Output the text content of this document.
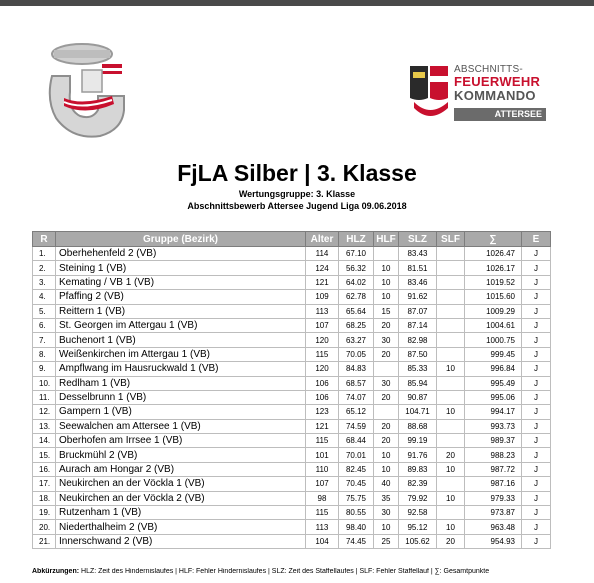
ABSCHNITTS-
FEUERWEHR
KOMMANDO
ATTERSEE
FjLA Silber | 3. Klasse
Wertungsgruppe: 3. Klasse
Abschnittsbewerb Attersee Jugend Liga 09.06.2018
R	Gruppe (Bezirk)	Alter	HLZ	HLF	SLZ	SLF	∑	E
1.	Oberhehenfeld 2 (VB)	114	67.10		83.43		1026.47	J
2.	Steining 1 (VB)	124	56.32	10	81.51		1026.17	J
3.	Kemating / VB 1 (VB)	121	64.02	10	83.46		1019.52	J
4.	Pfaffing 2 (VB)	109	62.78	10	91.62		1015.60	J
5.	Reittern 1 (VB)	113	65.64	15	87.07		1009.29	J
6.	St. Georgen im Attergau 1 (VB)	107	68.25	20	87.14		1004.61	J
7.	Buchenort 1 (VB)	120	63.27	30	82.98		1000.75	J
8.	Weißenkirchen im Attergau 1 (VB)	115	70.05	20	87.50		999.45	J
9.	Ampflwang im Hausruckwald 1 (VB)	120	84.83		85.33	10	996.84	J
10.	Redlham 1 (VB)	106	68.57	30	85.94		995.49	J
11.	Desselbrunn 1 (VB)	106	74.07	20	90.87		995.06	J
12.	Gampern 1 (VB)	123	65.12		104.71	10	994.17	J
13.	Seewalchen am Attersee 1 (VB)	121	74.59	20	88.68		993.73	J
14.	Oberhofen am Irrsee 1 (VB)	115	68.44	20	99.19		989.37	J
15.	Bruckmühl 2 (VB)	101	70.01	10	91.76	20	988.23	J
16.	Aurach am Hongar 2 (VB)	110	82.45	10	89.83	10	987.72	J
17.	Neukirchen an der Vöckla 1 (VB)	107	70.45	40	82.39		987.16	J
18.	Neukirchen an der Vöckla 2 (VB)	98	75.75	35	79.92	10	979.33	J
19.	Rutzenham 1 (VB)	115	80.55	30	92.58		973.87	J
20.	Niederthalheim 2 (VB)	113	98.40	10	95.12	10	963.48	J
21.	Innerschwand 2 (VB)	104	74.45	25	105.62	20	954.93	J
Abkürzungen: HLZ: Zeit des Hindernislaufes | HLF: Fehler Hindernislaufes | SLZ: Zeit des Staffellaufes | SLF: Fehler Staffellauf | ∑: Gesamtpunkte
